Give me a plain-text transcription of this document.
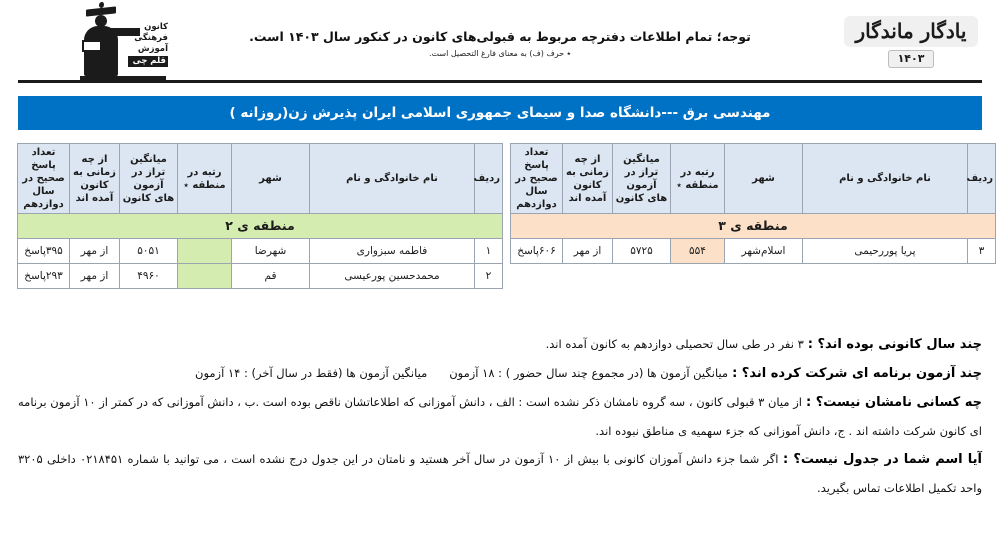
کانون
فرهنگی
آموزش
قلم چی
توجه؛ تمام اطلاعات دفترچه مربوط به قبولی‌های کانون در کنکور سال ۱۴۰۳ است.
٭ حرف (ف) به معنای فارغ التحصیل است.
یادگار ماندگار ۱۴۰۳
مهندسی برق ---دانشگاه صدا و سیمای جمهوری اسلامی ایران پذیرش زن(روزانه )
ردیف	نام خانوادگی و نام	شهر	رتبه در منطقه ٭	میانگین تراز در آزمون های کانون	از چه زمانی به کانون آمده اند	تعداد پاسخ صحیح در سال دوازدهم
منطقه ی ۲						
۱	فاطمه سبزواری	شهرضا		۵۰۵۱	از مهر	۳۹۵پاسخ
۲	محمدحسین پورعیسی	قم		۴۹۶۰	از مهر	۲۹۳پاسخ
ردیف	نام خانوادگی و نام	شهر	رتبه در منطقه ٭	میانگین تراز در آزمون های کانون	از چه زمانی به کانون آمده اند	تعداد پاسخ صحیح در سال دوازدهم
منطقه ی ۳						
۳	پریا پوررحیمی	اسلام‌شهر	۵۵۴	۵۷۲۵	از مهر	۶۰۶پاسخ
چند سال کانونی بوده اند؟ : ۳ نفر در طی سال تحصیلی دوازدهم به کانون آمده اند.
چند آزمون برنامه ای شرکت کرده اند؟ : میانگین آزمون ها (در مجموع چند سال حضور ) : ۱۸ آزمون  میانگین آزمون ها (فقط در سال آخر) : ۱۴ آزمون
چه کسانی نامشان نیست؟ : از میان ۳ قبولی کانون ، سه گروه نامشان ذکر نشده است : الف ، دانش آموزانی که اطلاعاتشان ناقص بوده است .ب ، دانش آموزانی که در کمتر از ۱۰ آزمون برنامه ای کانون شرکت داشته اند . ج، دانش آموزانی که جزء سهمیه ی مناطق نبوده اند.
آیا اسم شما در جدول نیست؟ : اگر شما جزء دانش آموزان کانونی با بیش از ۱۰ آزمون در سال آخر هستید و نامتان در این جدول درج نشده است ، می توانید با شماره ۰۲۱۸۴۵۱ داخلی ۳۲۰۵ واحد تکمیل اطلاعات تماس بگیرید.
